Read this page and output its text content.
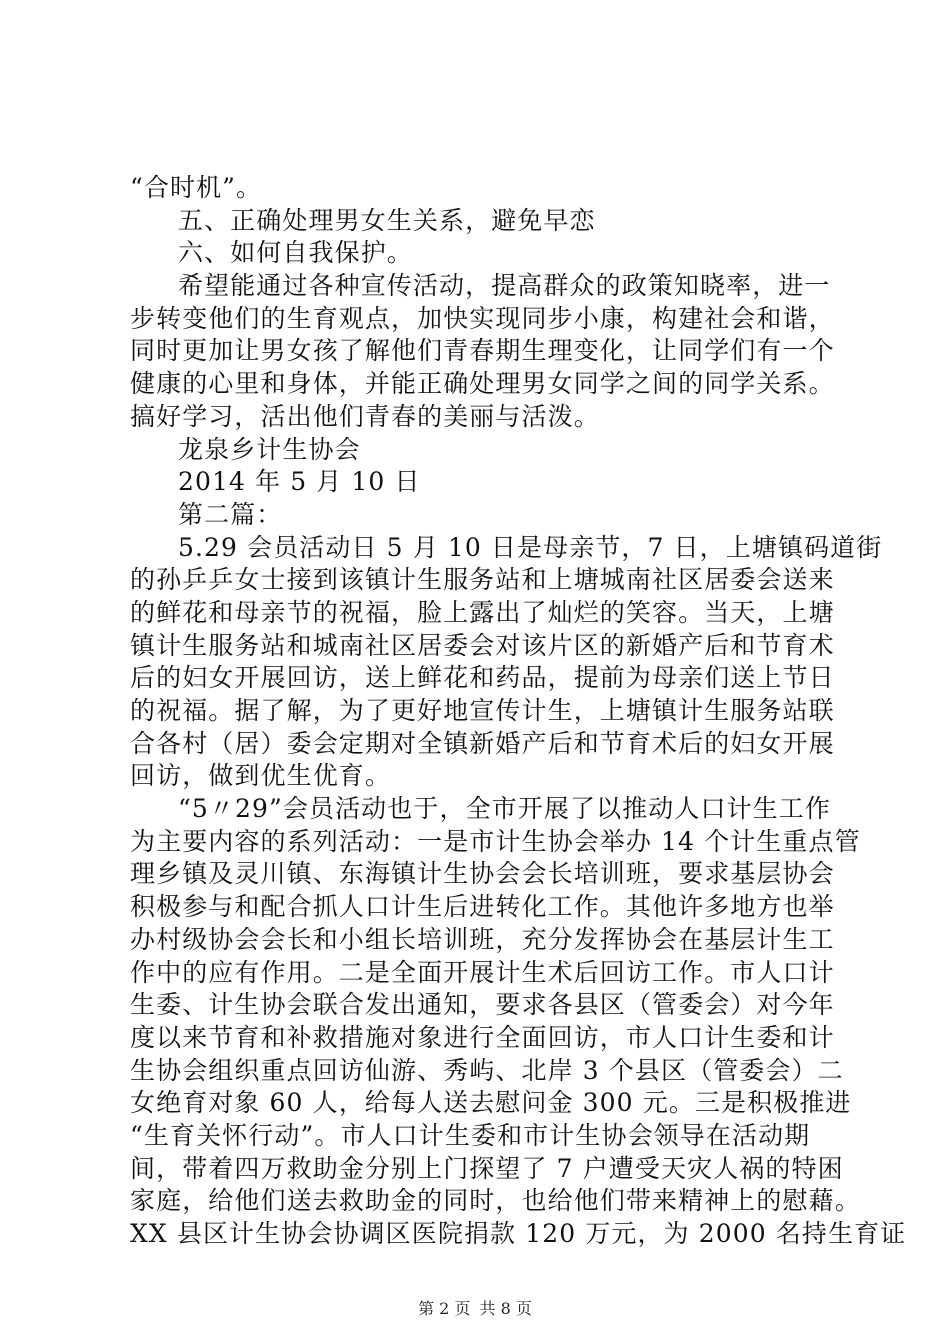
“合时机”。
五、正确处理男女生关系，避免早恋
六、如何自我保护。
希望能通过各种宣传活动，提高群众的政策知晓率，进一
步转变他们的生育观点，加快实现同步小康，构建社会和谐，
同时更加让男女孩了解他们青春期生理变化，让同学们有一个
健康的心里和身体，并能正确处理男女同学之间的同学关系。
搞好学习，活出他们青春的美丽与活泼。
龙泉乡计生协会
2014 年 5 月 10 日
第二篇：
5.29 会员活动日 5 月 10 日是母亲节，7 日，上塘镇码道街
的孙乒乒女士接到该镇计生服务站和上塘城南社区居委会送来
的鲜花和母亲节的祝福，脸上露出了灿烂的笑容。当天，上塘
镇计生服务站和城南社区居委会对该片区的新婚产后和节育术
后的妇女开展回访，送上鲜花和药品，提前为母亲们送上节日
的祝福。据了解，为了更好地宣传计生，上塘镇计生服务站联
合各村（居）委会定期对全镇新婚产后和节育术后的妇女开展
回访，做到优生优育。
“5〃29”会员活动也于，全市开展了以推动人口计生工作
为主要内容的系列活动：一是市计生协会举办 14 个计生重点管
理乡镇及灵川镇、东海镇计生协会会长培训班，要求基层协会
积极参与和配合抓人口计生后进转化工作。其他许多地方也举
办村级协会会长和小组长培训班，充分发挥协会在基层计生工
作中的应有作用。二是全面开展计生术后回访工作。市人口计
生委、计生协会联合发出通知，要求各县区（管委会）对今年
度以来节育和补救措施对象进行全面回访，市人口计生委和计
生协会组织重点回访仙游、秀屿、北岸 3 个县区（管委会）二
女绝育对象 60 人，给每人送去慰问金 300 元。三是积极推进
“生育关怀行动”。市人口计生委和市计生协会领导在活动期
间，带着四万救助金分别上门探望了 7 户遭受天灾人祸的特困
家庭，给他们送去救助金的同时，也给他们带来精神上的慰藉。
XX 县区计生协会协调区医院捐款 120 万元，为 2000 名持生育证
第 2 页 共 8 页
